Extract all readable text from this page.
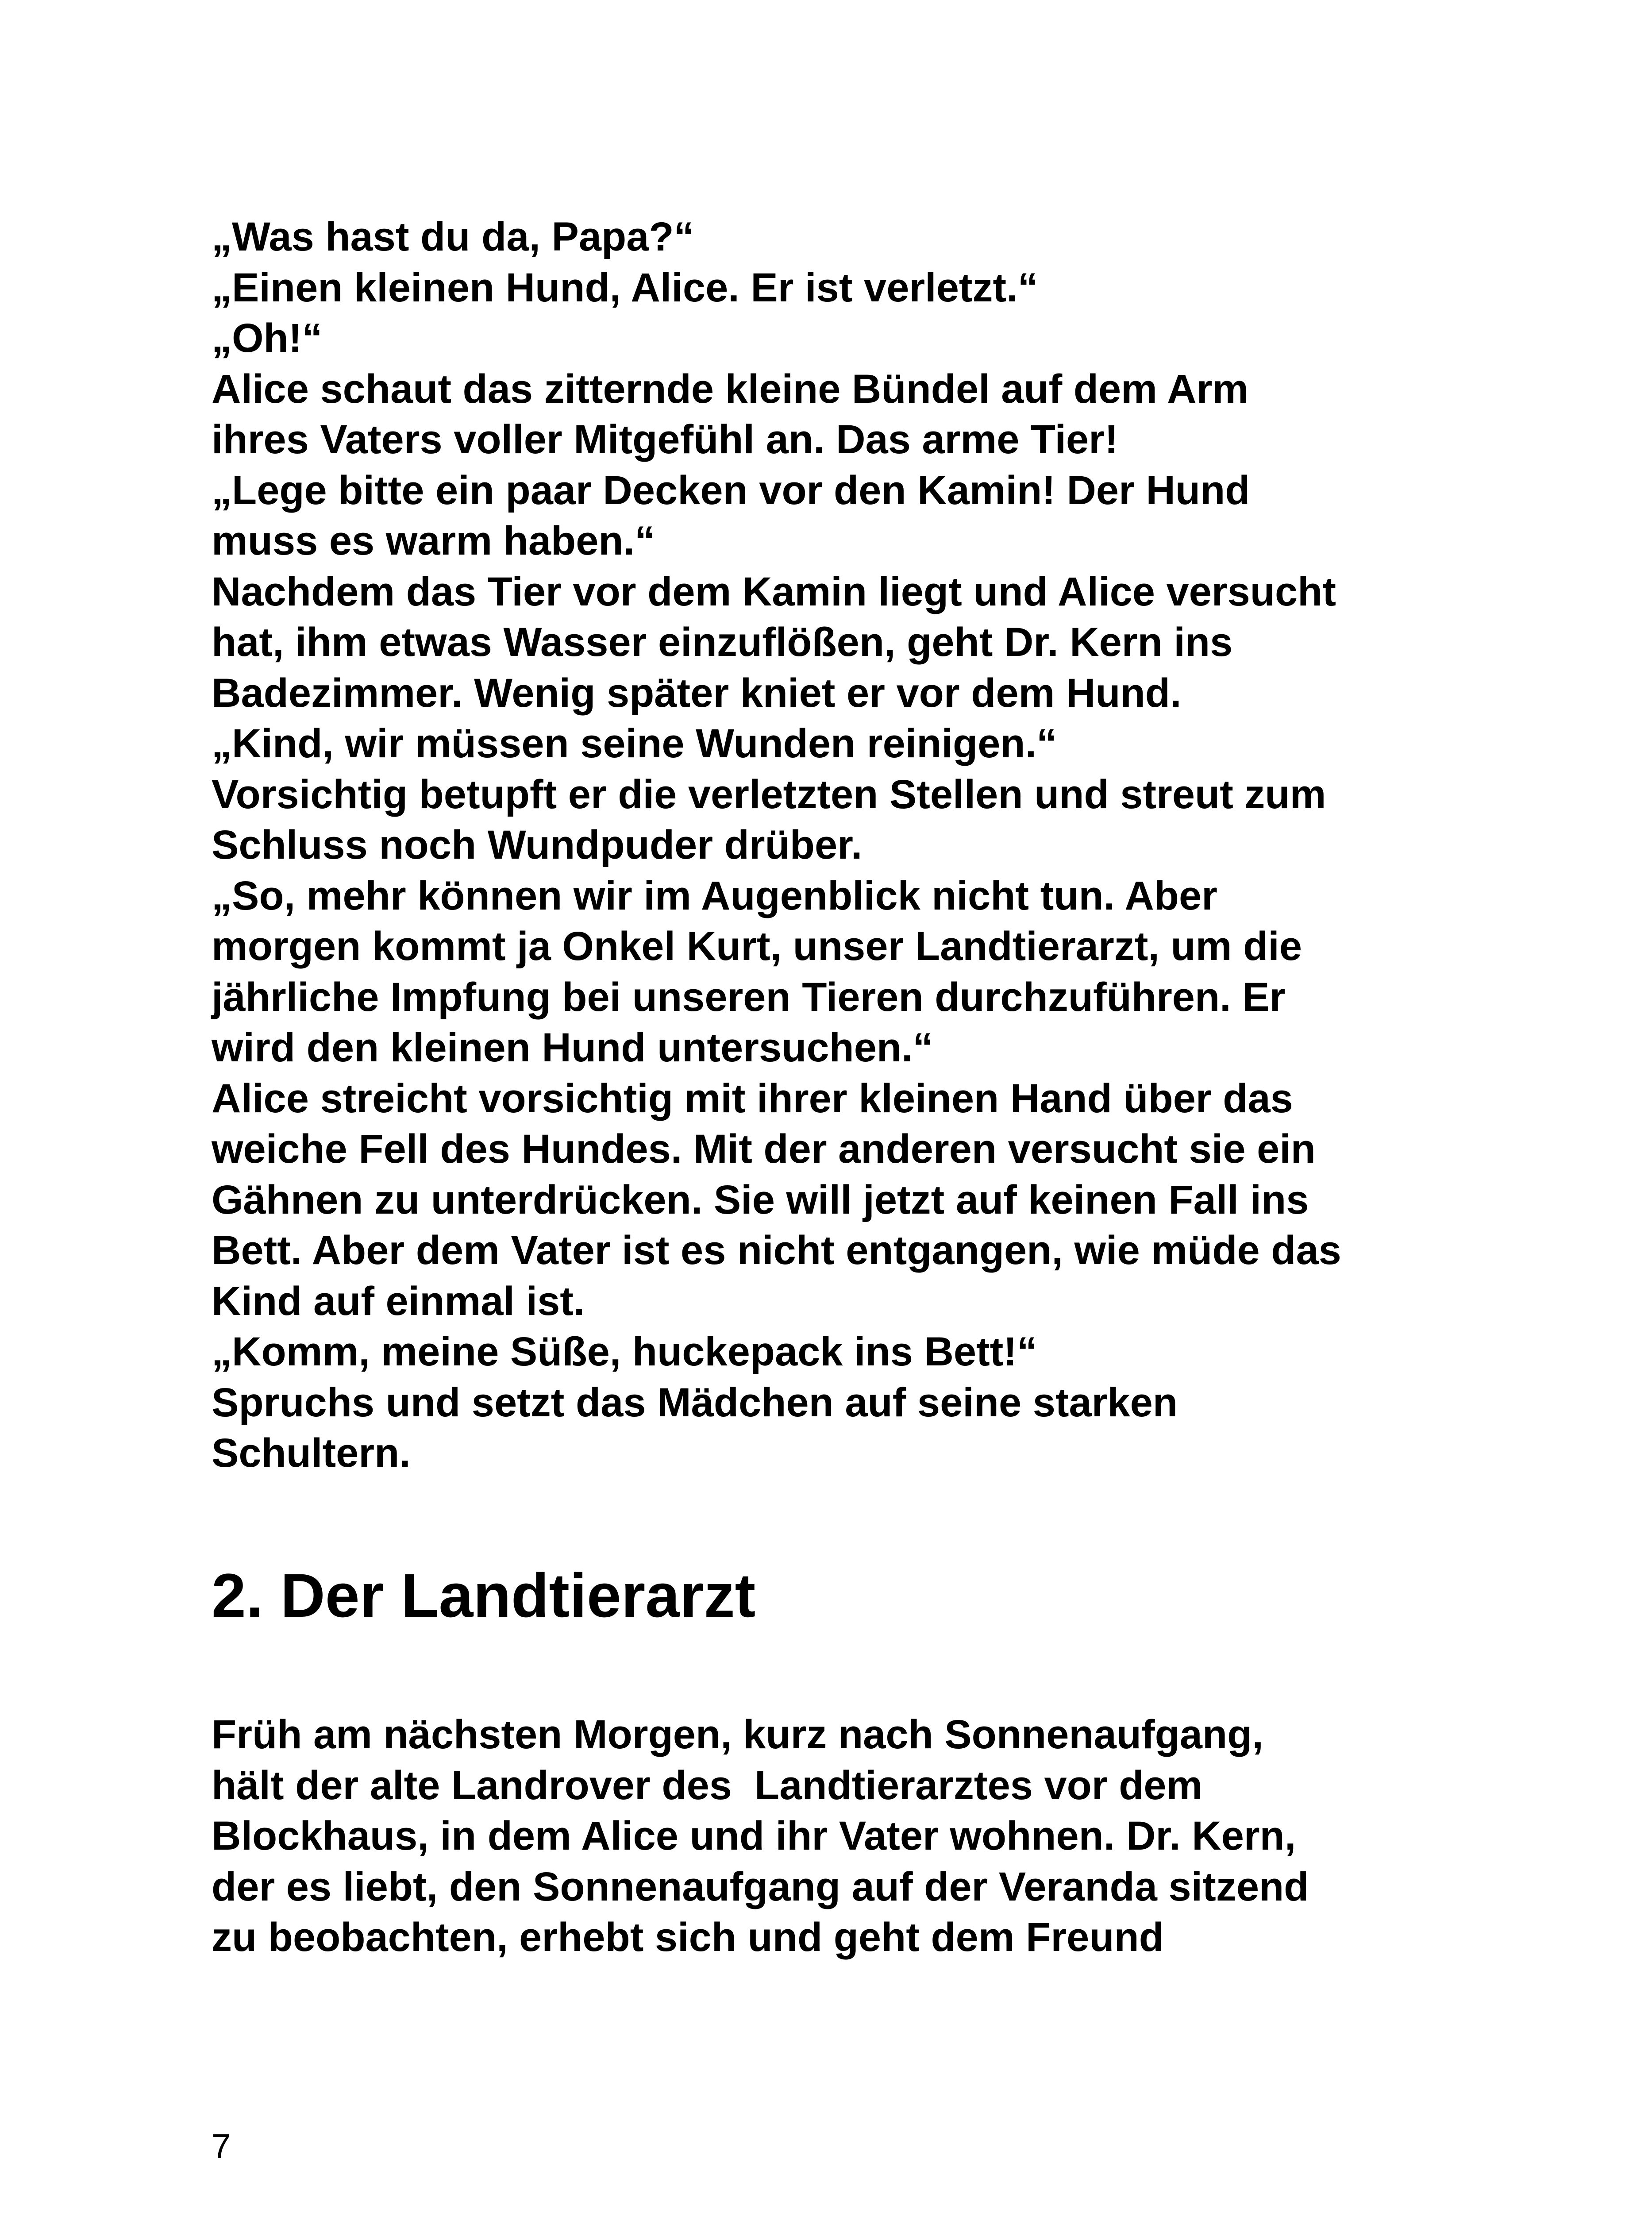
„Was hast du da, Papa?“
„Einen kleinen Hund, Alice. Er ist verletzt.“
„Oh!“
Alice schaut das zitternde kleine Bündel auf dem Arm
ihres Vaters voller Mitgefühl an. Das arme Tier!
„Lege bitte ein paar Decken vor den Kamin! Der Hund
muss es warm haben.“
Nachdem das Tier vor dem Kamin liegt und Alice versucht
hat, ihm etwas Wasser einzuflößen, geht Dr. Kern ins
Badezimmer. Wenig später kniet er vor dem Hund.
„Kind, wir müssen seine Wunden reinigen.“
Vorsichtig betupft er die verletzten Stellen und streut zum
Schluss noch Wundpuder drüber.
„So, mehr können wir im Augenblick nicht tun. Aber
morgen kommt ja Onkel Kurt, unser Landtierarzt, um die
jährliche Impfung bei unseren Tieren durchzuführen. Er
wird den kleinen Hund untersuchen.“
Alice streicht vorsichtig mit ihrer kleinen Hand über das
weiche Fell des Hundes. Mit der anderen versucht sie ein
Gähnen zu unterdrücken. Sie will jetzt auf keinen Fall ins
Bett. Aber dem Vater ist es nicht entgangen, wie müde das
Kind auf einmal ist.
„Komm, meine Süße, huckepack ins Bett!“
Spruchs und setzt das Mädchen auf seine starken
Schultern.
2. Der Landtierarzt
Früh am nächsten Morgen, kurz nach Sonnenaufgang,
hält der alte Landrover des  Landtierarztes vor dem
Blockhaus, in dem Alice und ihr Vater wohnen. Dr. Kern,
der es liebt, den Sonnenaufgang auf der Veranda sitzend
zu beobachten, erhebt sich und geht dem Freund

7
